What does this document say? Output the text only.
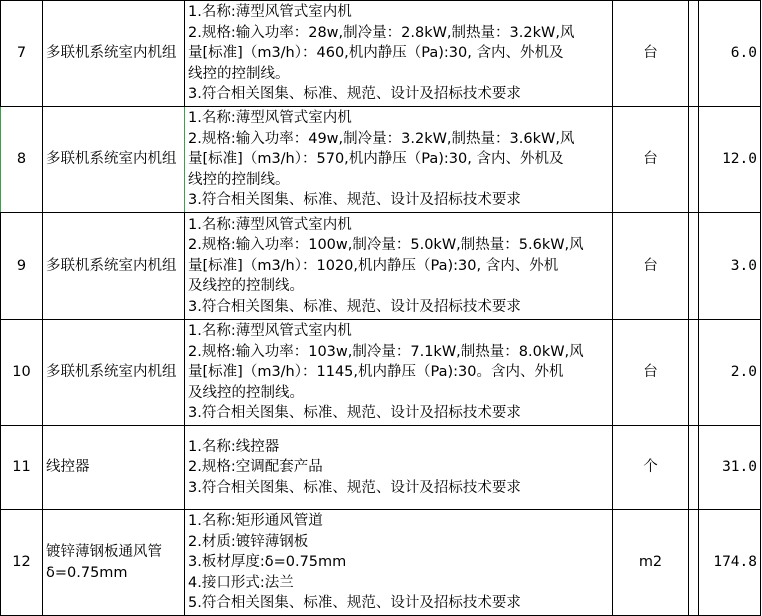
7	多联机系统室内机组	1.名称:薄型风管式室内机
2.规格:输入功率：28w,制冷量：2.8kW,制热量：3.2kW,风
量[标准]（m3/h）：460,机内静压（Pa):30, 含内、外机及
线控的控制线。
3.符合相关图集、标准、规范、设计及招标技术要求	台		6.0
8	多联机系统室内机组	1.名称:薄型风管式室内机
2.规格:输入功率：49w,制冷量：3.2kW,制热量：3.6kW,风
量[标准]（m3/h）：570,机内静压（Pa):30, 含内、外机及
线控的控制线。
3.符合相关图集、标准、规范、设计及招标技术要求	台		12.0
9	多联机系统室内机组	1.名称:薄型风管式室内机
2.规格:输入功率：100w,制冷量：5.0kW,制热量：5.6kW,风
量[标准]（m3/h）：1020,机内静压（Pa):30, 含内、外机
及线控的控制线。
3.符合相关图集、标准、规范、设计及招标技术要求	台		3.0
10	多联机系统室内机组	1.名称:薄型风管式室内机
2.规格:输入功率：103w,制冷量：7.1kW,制热量：8.0kW,风
量[标准]（m3/h）：1145,机内静压（Pa):30。含内、外机
及线控的控制线。
3.符合相关图集、标准、规范、设计及招标技术要求	台		2.0
11	线控器	1.名称:线控器
2.规格:空调配套产品
3.符合相关图集、标准、规范、设计及招标技术要求	个		31.0
12	镀锌薄钢板通风管δ=0.75mm	1.名称:矩形通风管道
2.材质:镀锌薄钢板
3.板材厚度:δ=0.75mm
4.接口形式:法兰
5.符合相关图集、标准、规范、设计及招标技术要求	m2		174.8
